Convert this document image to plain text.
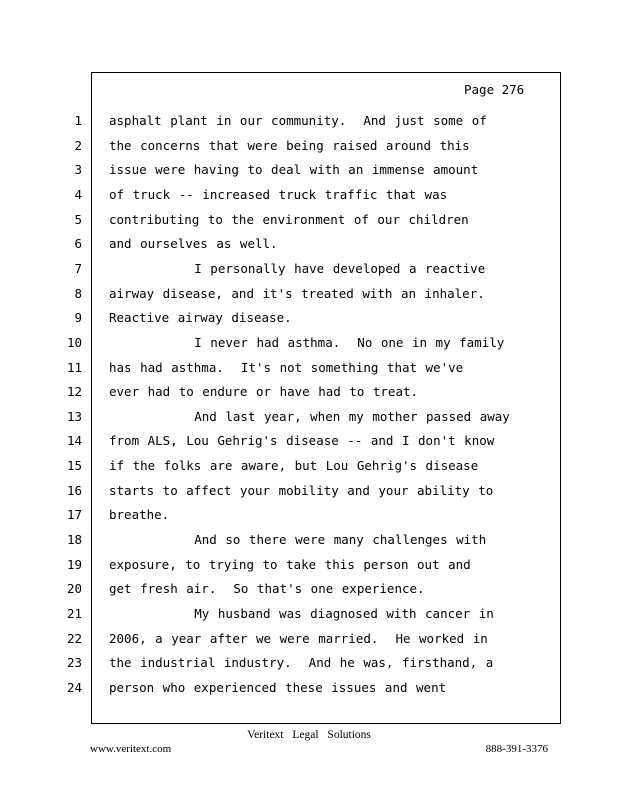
Page 276
1 asphalt plant in our community.  And just some of
2 the concerns that were being raised around this
3 issue were having to deal with an immense amount
4 of truck -- increased truck traffic that was
5 contributing to the environment of our children
6 and ourselves as well.
7 I personally have developed a reactive
8 airway disease, and it's treated with an inhaler.
9 Reactive airway disease.
10 I never had asthma.  No one in my family
11 has had asthma.  It's not something that we've
12 ever had to endure or have had to treat.
13 And last year, when my mother passed away
14 from ALS, Lou Gehrig's disease -- and I don't know
15 if the folks are aware, but Lou Gehrig's disease
16 starts to affect your mobility and your ability to
17 breathe.
18 And so there were many challenges with
19 exposure, to trying to take this person out and
20 get fresh air.  So that's one experience.
21 My husband was diagnosed with cancer in
22 2006, a year after we were married.  He worked in
23 the industrial industry.  And he was, firsthand, a
24 person who experienced these issues and went
Veritext Legal Solutions
www.veritext.com	888-391-3376
